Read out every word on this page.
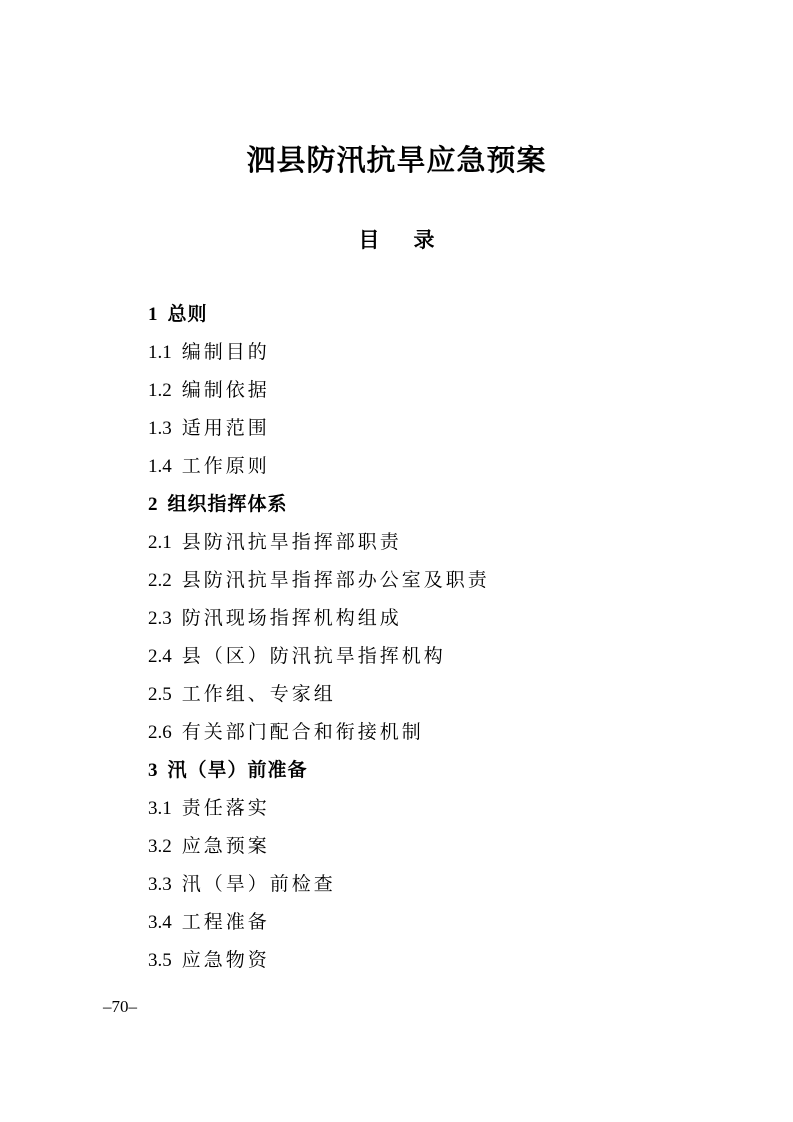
泗县防汛抗旱应急预案
目 录
1 总则
1.1 编制目的
1.2 编制依据
1.3 适用范围
1.4 工作原则
2 组织指挥体系
2.1 县防汛抗旱指挥部职责
2.2 县防汛抗旱指挥部办公室及职责
2.3 防汛现场指挥机构组成
2.4 县（区）防汛抗旱指挥机构
2.5 工作组、专家组
2.6 有关部门配合和衔接机制
3 汛（旱）前准备
3.1 责任落实
3.2 应急预案
3.3 汛（旱）前检查
3.4 工程准备
3.5 应急物资
–70–
